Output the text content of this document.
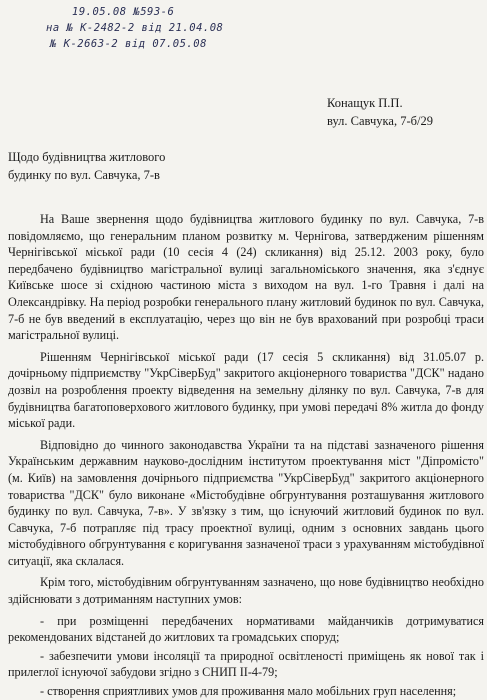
19.05.08 №593-6
на № К-2482-2 від 21.04.08
№ К-2663-2 від 07.05.08
Конащук П.П.
вул. Савчука, 7-б/29
Щодо будівництва житлового
будинку по вул. Савчука, 7-в

На Ваше звернення щодо будівництва житлового будинку по вул. Савчука, 7-в повідомляємо, що генеральним планом розвитку м. Чернігова, затвердженим рішенням Чернігівської міської ради (10 сесія 4 (24) скликання) від 25.12. 2003 року, було передбачено будівництво магістральної вулиці загальноміського значення, яка з'єднує Київське шосе зі східною частиною міста з виходом на вул. 1-го Травня і далі на Олександрівку. На період розробки генерального плану житловий будинок по вул. Савчука, 7-б не був введений в експлуатацію, через що він не був врахований при розробці траси магістральної вулиці.

Рішенням Чернігівської міської ради (17 сесія 5 скликання) від 31.05.07 р. дочірньому підприємству "УкрСіверБуд" закритого акціонерного товариства "ДСК" надано дозвіл на розроблення проекту відведення на земельну ділянку по вул. Савчука, 7-в для будівництва багатоповерхового житлового будинку, при умові передачі 8% житла до фонду міської ради.

Відповідно до чинного законодавства України та на підставі зазначеного рішення Українським державним науково-дослідним інститутом проектування міст "Діпромісто" (м. Київ) на замовлення дочірнього підприємства "УкрСіверБуд" закритого акціонерного товариства "ДСК" було виконане «Містобудівне обгрунтування розташування житлового будинку по вул. Савчука, 7-в». У зв'язку з тим, що існуючий житловий будинок по вул. Савчука, 7-б потрапляє під трасу проектної вулиці, одним з основних завдань цього містобудівного обгрунтування є коригування зазначеної траси з урахуванням містобудівної ситуації, яка склалася.

Крім того, містобудівним обгрунтуванням зазначено, що нове будівництво необхідно здійснювати з дотриманням наступних умов:

- при розміщенні передбачених нормативами майданчиків дотримуватися рекомендованих відстаней до житлових та громадських споруд;

- забезпечити умови інсоляції та природної освітленості приміщень як нової так і прилеглої існуючої забудови згідно з СНИП ІІ-4-79;

- створення сприятливих умов для проживання мало мобільних груп населення;
